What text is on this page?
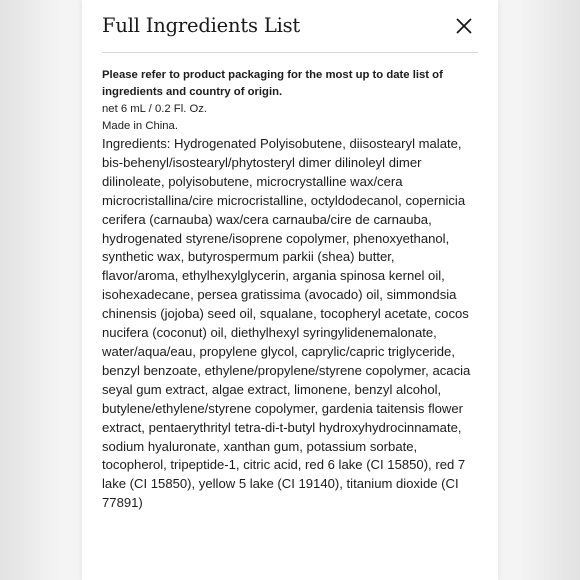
Full Ingredients List

Please refer to product packaging for the most up to date list of ingredients and country of origin.

net 6 mL / 0.2 Fl. Oz.

Made in China.

Ingredients: Hydrogenated Polyisobutene, diisostearyl malate, bis-behenyl/isostearyl/phytosteryl dimer dilinoleyl dimer dilinoleate, polyisobutene, microcrystalline wax/cera microcristallina/cire microcristalline, octyldodecanol, copernicia cerifera (carnauba) wax/cera carnauba/cire de carnauba, hydrogenated styrene/isoprene copolymer, phenoxyethanol, synthetic wax, butyrospermum parkii (shea) butter, flavor/aroma, ethylhexylglycerin, argania spinosa kernel oil, isohexadecane, persea gratissima (avocado) oil, simmondsia chinensis (jojoba) seed oil, squalane, tocopheryl acetate, cocos nucifera (coconut) oil, diethylhexyl syringylidenemalonate, water/aqua/eau, propylene glycol, caprylic/capric triglyceride, benzyl benzoate, ethylene/propylene/styrene copolymer, acacia seyal gum extract, algae extract, limonene, benzyl alcohol, butylene/ethylene/styrene copolymer, gardenia taitensis flower extract, pentaerythrityl tetra-di-t-butyl hydroxyhydrocinnamate, sodium hyaluronate, xanthan gum, potassium sorbate, tocopherol, tripeptide-1, citric acid, red 6 lake (CI 15850), red 7 lake (CI 15850), yellow 5 lake (CI 19140), titanium dioxide (CI 77891)
